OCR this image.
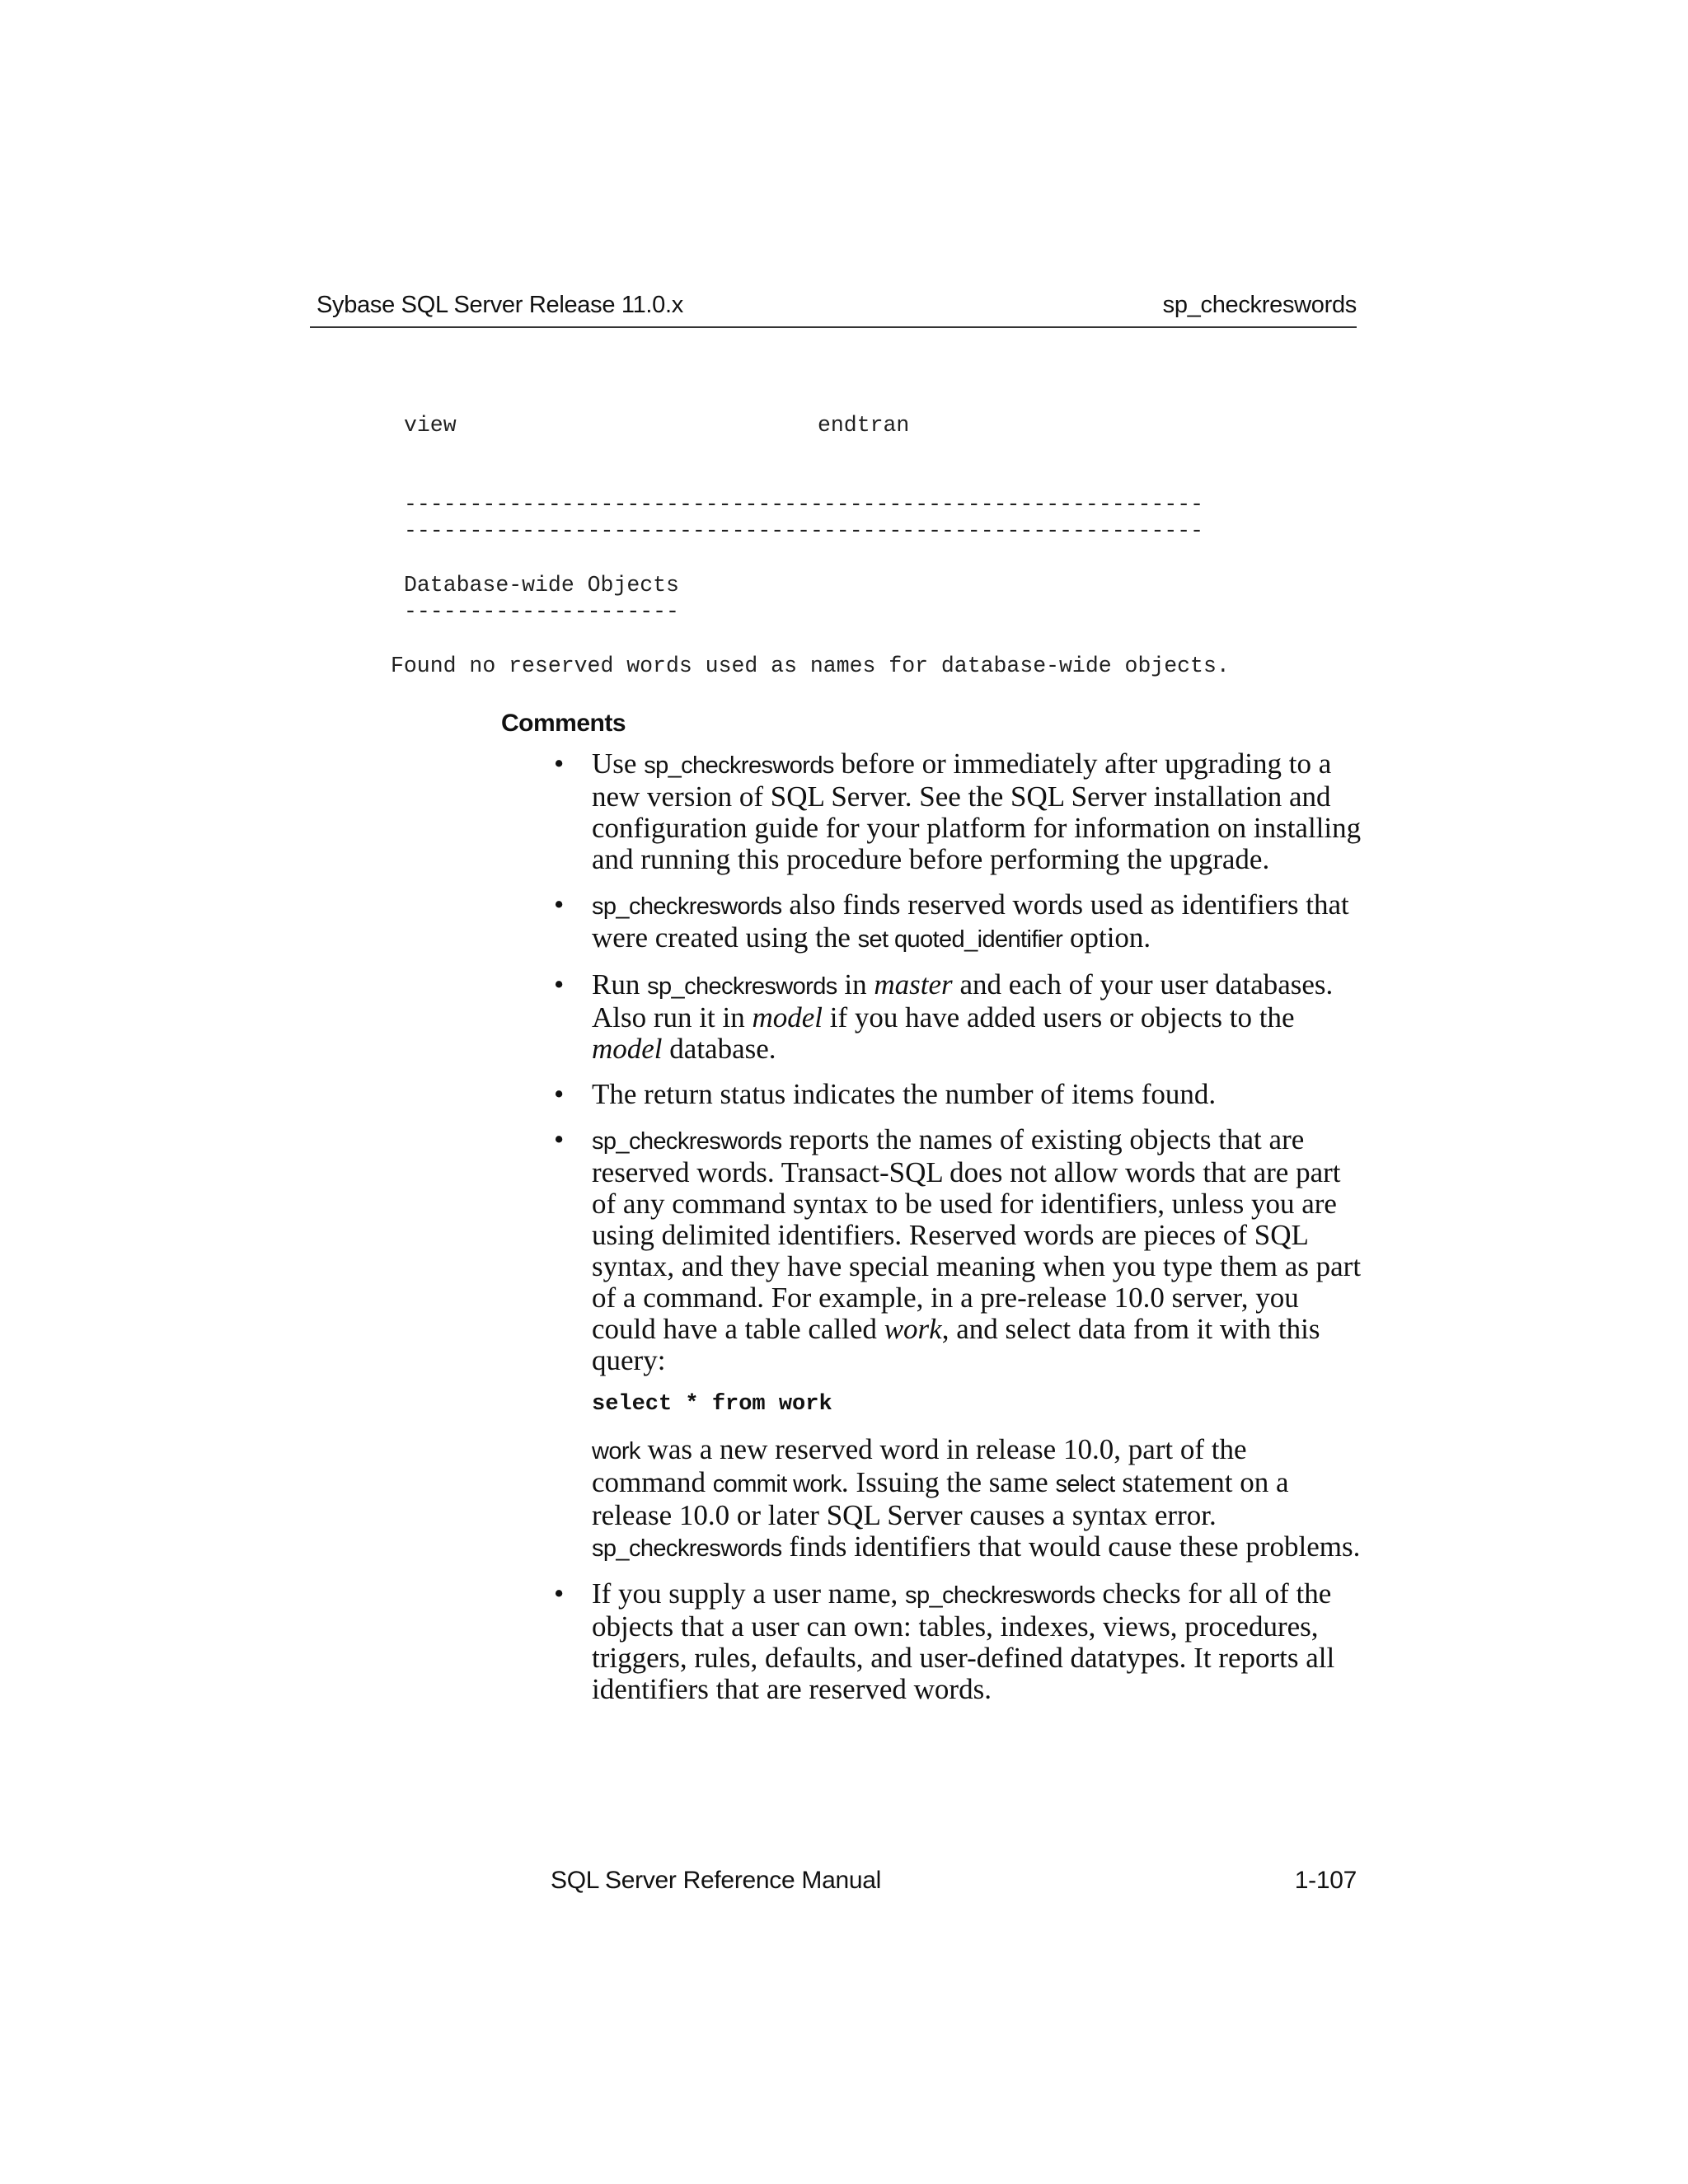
Sybase SQL Server Release 11.0.x	sp_checkreswords
view	endtran
-------------------------------------------------------------
-------------------------------------------------------------
Database-wide Objects
---------------------
Found no reserved words used as names for database-wide objects.
Comments
• Use sp_checkreswords before or immediately after upgrading to a new version of SQL Server. See the SQL Server installation and configuration guide for your platform for information on installing and running this procedure before performing the upgrade.

• sp_checkreswords also finds reserved words used as identifiers that were created using the set quoted_identifier option.

• Run sp_checkreswords in master and each of your user databases. Also run it in model if you have added users or objects to the model database.

• The return status indicates the number of items found.

• sp_checkreswords reports the names of existing objects that are reserved words. Transact-SQL does not allow words that are part of any command syntax to be used for identifiers, unless you are using delimited identifiers. Reserved words are pieces of SQL syntax, and they have special meaning when you type them as part of a command. For example, in a pre-release 10.0 server, you could have a table called work, and select data from it with this query:

select * from work

work was a new reserved word in release 10.0, part of the command commit work. Issuing the same select statement on a release 10.0 or later SQL Server causes a syntax error. sp_checkreswords finds identifiers that would cause these problems.

• If you supply a user name, sp_checkreswords checks for all of the objects that a user can own: tables, indexes, views, procedures, triggers, rules, defaults, and user-defined datatypes. It reports all identifiers that are reserved words.

SQL Server Reference Manual	1-107
